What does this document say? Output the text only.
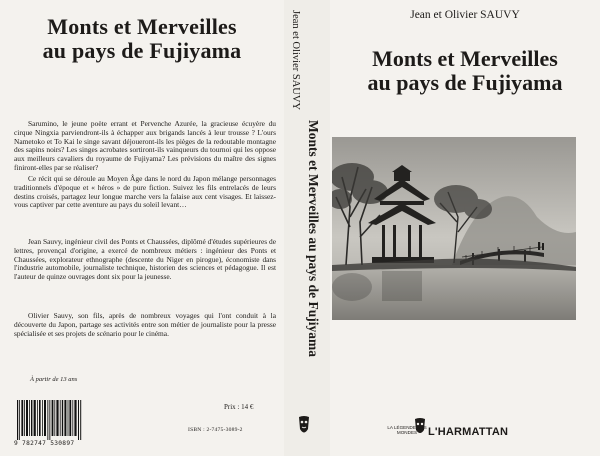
Monts et Merveilles
au pays de Fujiyama

Sarumino, le jeune poète errant et Pervenche Azurée, la gracieuse écuyère du cirque Ningxia parviendront-ils à échapper aux brigands lancés à leur trousse ? L'ours Nametoko et To Kai le singe savant déjoueront-ils les pièges de la redoutable montagne des sapins noirs? Les singes acrobates sortiront-ils vainqueurs du tournoi qui les oppose aux meilleurs cavaliers du royaume de Fujiyama? Les prévisions du maître des signes finiront-elles par se réaliser?

Ce récit qui se déroule au Moyen Âge dans le nord du Japon mélange personnages traditionnels d'époque et « héros » de pure fiction. Suivez les fils entrelacés de leurs destins croisés, partagez leur longue marche vers la falaise aux cent visages. Et laissez-vous captiver par cette aventure au pays du soleil levant…

Jean Sauvy, ingénieur civil des Ponts et Chaussées, diplômé d'études supérieures de lettres, provençal d'origine, a exercé de nombreux métiers : ingénieur des Ponts et Chaussées, explorateur ethnographe (descente du Niger en pirogue), économiste dans l'industrie automobile, journaliste technique, historien des sciences et pédagogue. Il est l'auteur de quinze ouvrages dont six pour la jeunesse.

Olivier Sauvy, son fils, après de nombreux voyages qui l'ont conduit à la découverte du Japon, partage ses activités entre son métier de journaliste pour la presse spécialisée et ses projets de scénario pour le cinéma.

À partir de 13 ans
Prix : 14 €
ISBN : 2-7475-3089-2
9 782747 530897
Jean et Olivier SAUVY
Monts et Merveilles au pays de Fujiyama
Jean et Olivier SAUVY
Monts et Merveilles
au pays de Fujiyama
LA LÉGENDE DES MONDES L'HARMATTAN
